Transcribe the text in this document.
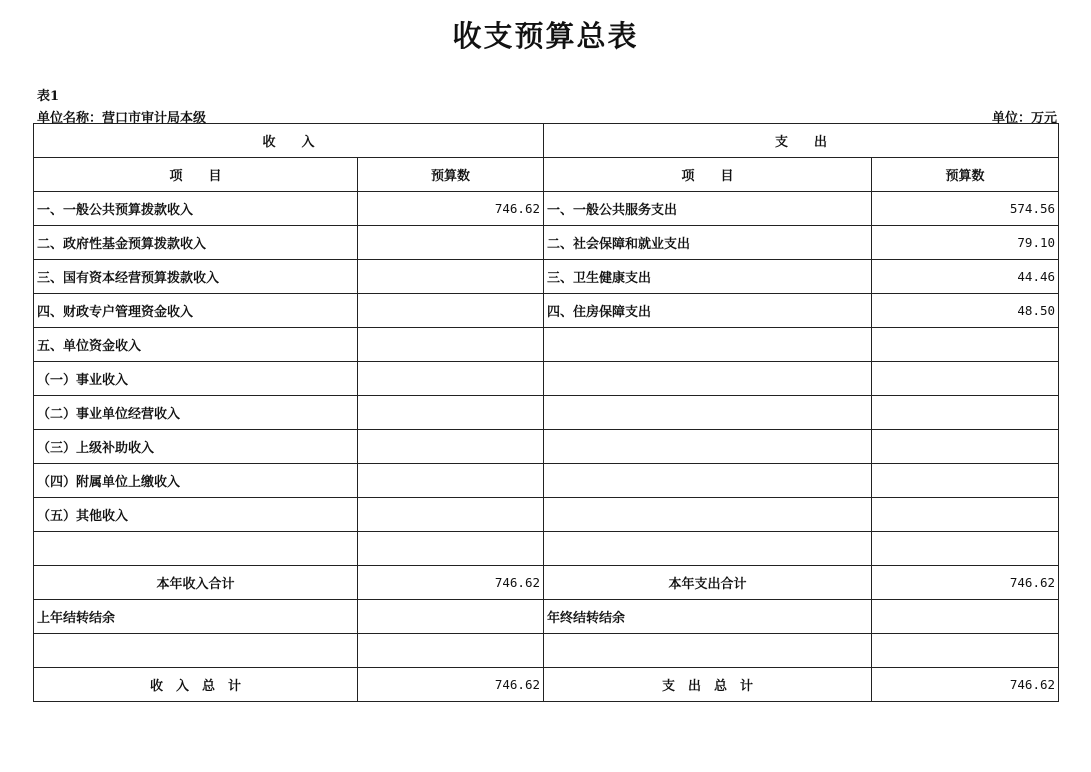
收支预算总表
表1
单位名称：营口市审计局本级	单位：万元
收　　入		支　　出	
项　　目	预算数	项　　目	预算数
一、一般公共预算拨款收入	746.62	一、一般公共服务支出	574.56
二、政府性基金预算拨款收入		二、社会保障和就业支出	79.10
三、国有资本经营预算拨款收入		三、卫生健康支出	44.46
四、财政专户管理资金收入		四、住房保障支出	48.50
五、单位资金收入			
（一）事业收入			
（二）事业单位经营收入			
（三）上级补助收入			
（四）附属单位上缴收入			
（五）其他收入			

本年收入合计	746.62	本年支出合计	746.62
上年结转结余		年终结转结余	

收　入　总　计	746.62	支　出　总　计	746.62
